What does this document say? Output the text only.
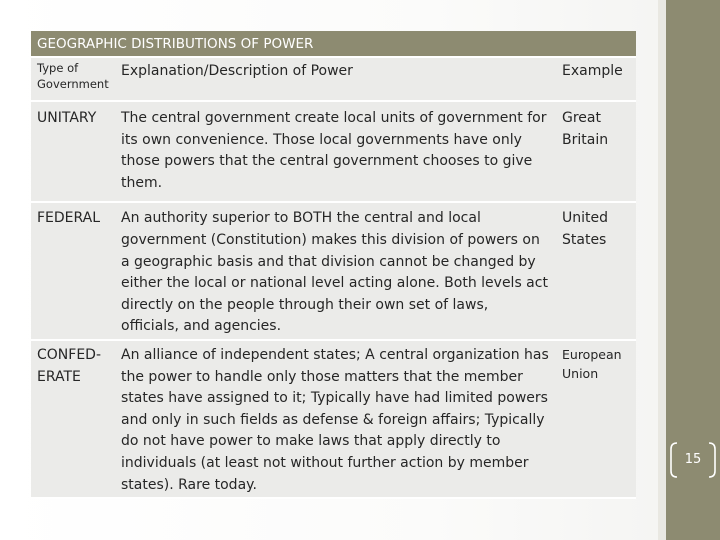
GEOGRAPHIC DISTRIBUTIONS OF POWER		
Type of Government	Explanation/Description of Power	Example
UNITARY	The central government create local units of government for its own convenience. Those local governments have only those powers that the central government chooses to give them.	Great Britain
FEDERAL	An authority superior to BOTH the central and local government (Constitution) makes this division of powers on a geographic basis and that division cannot be changed by either the local or national level acting alone. Both levels act directly on the people through their own set of laws, officials, and agencies.	United States
CONFED-ERATE	An alliance of independent states; A central organization has the power to handle only those matters that the member states have assigned to it; Typically have had limited powers and only in such fields as defense & foreign affairs; Typically do not have power to make laws that apply directly to individuals (at least not without further action by member states). Rare today.	European Union
15
